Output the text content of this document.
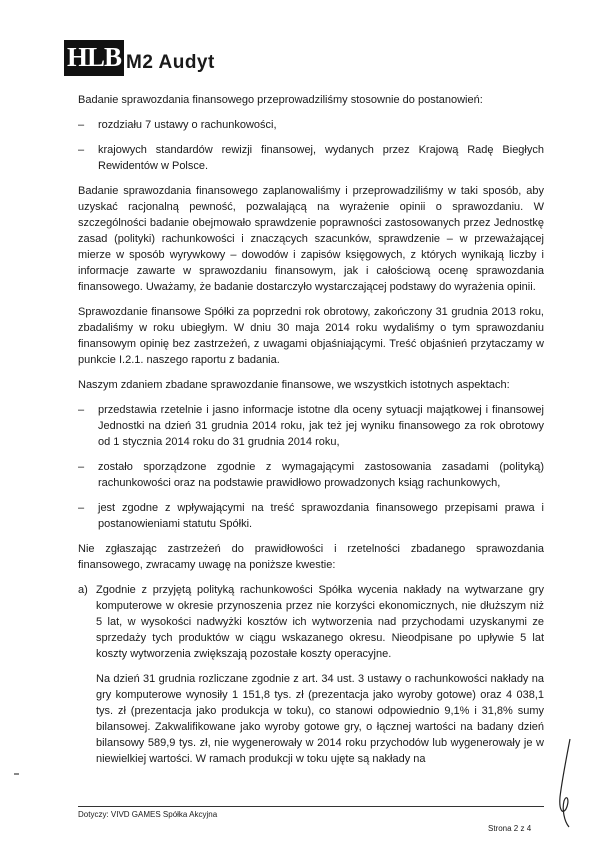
HLB M2 Audyt

Badanie sprawozdania finansowego przeprowadziliśmy stosownie do postanowień:

– rozdziału 7 ustawy o rachunkowości,
– krajowych standardów rewizji finansowej, wydanych przez Krajową Radę Biegłych Rewidentów w Polsce.

Badanie sprawozdania finansowego zaplanowaliśmy i przeprowadziliśmy w taki sposób, aby uzyskać racjonalną pewność, pozwalającą na wyrażenie opinii o sprawozdaniu. W szczególności badanie obejmowało sprawdzenie poprawności zastosowanych przez Jednostkę zasad (polityki) rachunkowości i znaczących szacunków, sprawdzenie – w przeważającej mierze w sposób wyrywkowy – dowodów i zapisów księgowych, z których wynikają liczby i informacje zawarte w sprawozdaniu finansowym, jak i całościową ocenę sprawozdania finansowego. Uważamy, że badanie dostarczyło wystarczającej podstawy do wyrażenia opinii.

Sprawozdanie finansowe Spółki za poprzedni rok obrotowy, zakończony 31 grudnia 2013 roku, zbadaliśmy w roku ubiegłym. W dniu 30 maja 2014 roku wydaliśmy o tym sprawozdaniu finansowym opinię bez zastrzeżeń, z uwagami objaśniającymi. Treść objaśnień przytaczamy w punkcie I.2.1. naszego raportu z badania.

Naszym zdaniem zbadane sprawozdanie finansowe, we wszystkich istotnych aspektach:

– przedstawia rzetelnie i jasno informacje istotne dla oceny sytuacji majątkowej i finansowej Jednostki na dzień 31 grudnia 2014 roku, jak też jej wyniku finansowego za rok obrotowy od 1 stycznia 2014 roku do 31 grudnia 2014 roku,
– zostało sporządzone zgodnie z wymagającymi zastosowania zasadami (polityką) rachunkowości oraz na podstawie prawidłowo prowadzonych ksiąg rachunkowych,
– jest zgodne z wpływającymi na treść sprawozdania finansowego przepisami prawa i postanowieniami statutu Spółki.

Nie zgłaszając zastrzeżeń do prawidłowości i rzetelności zbadanego sprawozdania finansowego, zwracamy uwagę na poniższe kwestie:

a) Zgodnie z przyjętą polityką rachunkowości Spółka wycenia nakłady na wytwarzane gry komputerowe w okresie przynoszenia przez nie korzyści ekonomicznych, nie dłuższym niż 5 lat, w wysokości nadwyżki kosztów ich wytworzenia nad przychodami uzyskanymi ze sprzedaży tych produktów w ciągu wskazanego okresu. Nieodpisane po upływie 5 lat koszty wytworzenia zwiększają pozostałe koszty operacyjne.

Na dzień 31 grudnia rozliczane zgodnie z art. 34 ust. 3 ustawy o rachunkowości nakłady na gry komputerowe wynosiły 1 151,8 tys. zł (prezentacja jako wyroby gotowe) oraz 4 038,1 tys. zł (prezentacja jako produkcja w toku), co stanowi odpowiednio 9,1% i 31,8% sumy bilansowej. Zakwalifikowane jako wyroby gotowe gry, o łącznej wartości na badany dzień bilansowy 589,9 tys. zł, nie wygenerowały w 2014 roku przychodów lub wygenerowały je w niewielkiej wartości. W ramach produkcji w toku ujęte są nakłady na

Dotyczy: VIVD GAMES Spółka Akcyjna
Strona 2 z 4
